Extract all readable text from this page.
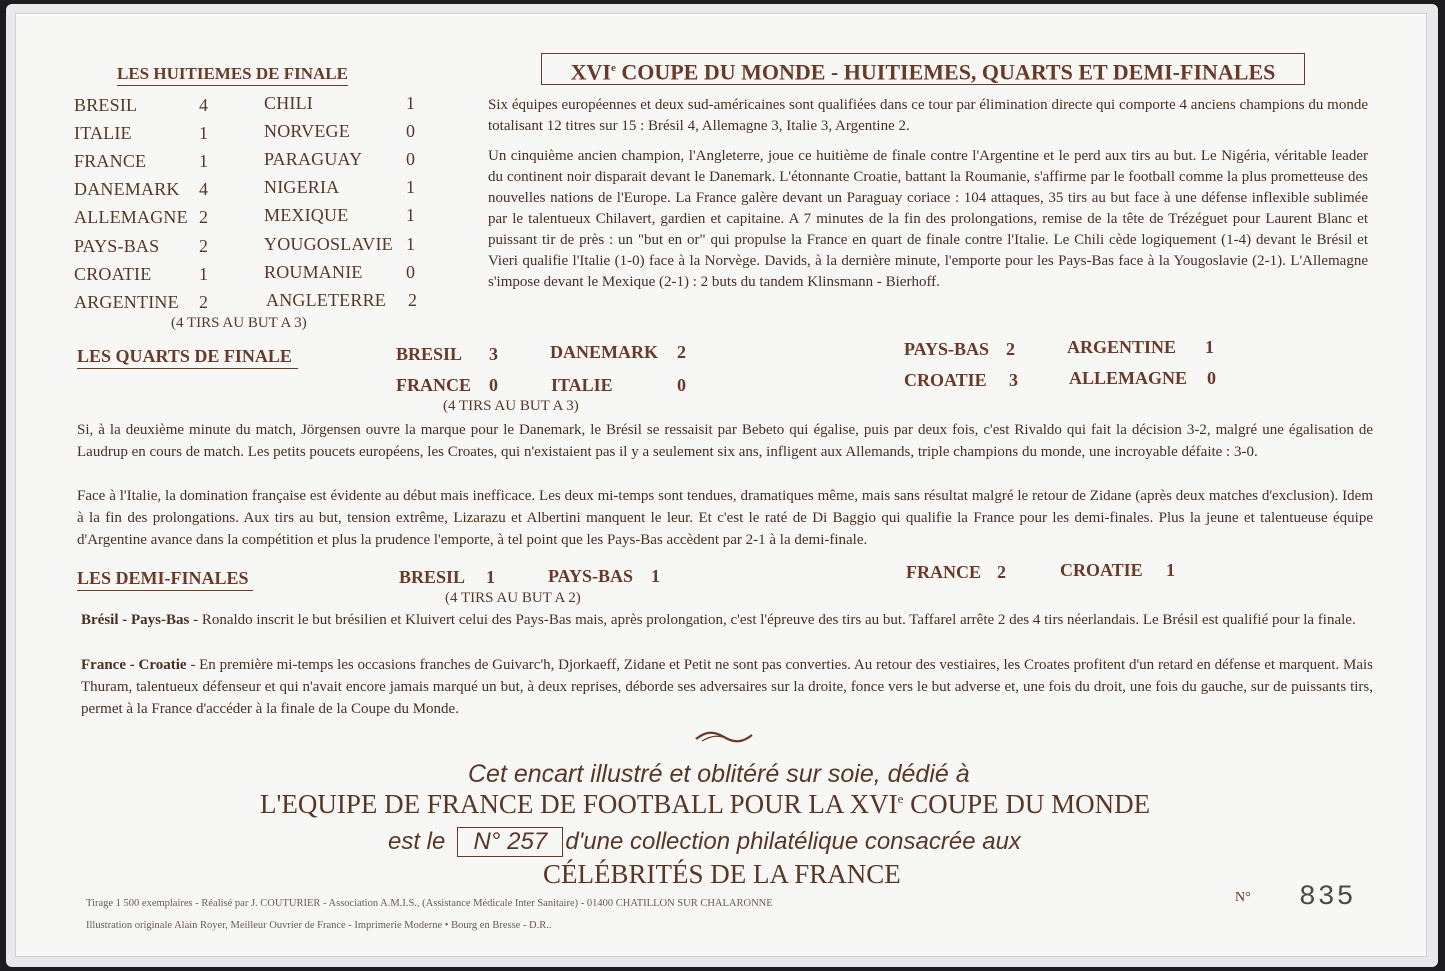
LES HUITIEMES DE FINALE
BRESIL	4	CHILI	1
ITALIE	1	NORVEGE	0
FRANCE	1	PARAGUAY 0
DANEMARK 4	NIGERIA	1
ALLEMAGNE 2	MEXIQUE	1
PAYS-BAS 2	YOUGOSLAVIE 1
CROATIE	1	ROUMANIE 0
ARGENTINE 2	ANGLETERRE 2
(4 TIRS AU BUT A 3)
XVIe COUPE DU MONDE - HUITIEMES, QUARTS ET DEMI-FINALES
Six équipes européennes et deux sud-américaines sont qualifiées dans ce tour par élimination directe qui comporte 4 anciens champions du monde totalisant 12 titres sur 15 : Brésil 4, Allemagne 3, Italie 3, Argentine 2.
Un cinquième ancien champion, l'Angleterre, joue ce huitième de finale contre l'Argentine et le perd aux tirs au but. Le Nigéria, véritable leader du continent noir disparait devant le Danemark. L'étonnante Croatie, battant la Roumanie, s'affirme par le football comme la plus prometteuse des nouvelles nations de l'Europe. La France galère devant un Paraguay coriace : 104 attaques, 35 tirs au but face à une défense inflexible sublimée par le talentueux Chilavert, gardien et capitaine. A 7 minutes de la fin des prolongations, remise de la tête de Trézéguet pour Laurent Blanc et puissant tir de près : un "but en or" qui propulse la France en quart de finale contre l'Italie. Le Chili cède logiquement (1-4) devant le Brésil et Vieri qualifie l'Italie (1-0) face à la Norvège. Davids, à la dernière minute, l'emporte pour les Pays-Bas face à la Yougoslavie (2-1). L'Allemagne s'impose devant le Mexique (2-1) : 2 buts du tandem Klinsmann - Bierhoff.
LES QUARTS DE FINALE	BRESIL 3	DANEMARK 2
FRANCE 0	ITALIE	0
(4 TIRS AU BUT A 3)
PAYS-BAS 2	ARGENTINE 1
CROATIE 3	ALLEMAGNE 0
Si, à la deuxième minute du match, Jörgensen ouvre la marque pour le Danemark, le Brésil se ressaisit par Bebeto qui égalise, puis par deux fois, c'est Rivaldo qui fait la décision 3-2, malgré une égalisation de Laudrup en cours de match. Les petits poucets européens, les Croates, qui n'existaient pas il y a seulement six ans, infligent aux Allemands, triple champions du monde, une incroyable défaite : 3-0.
Face à l'Italie, la domination française est évidente au début mais inefficace. Les deux mi-temps sont tendues, dramatiques même, mais sans résultat malgré le retour de Zidane (après deux matches d'exclusion). Idem à la fin des prolongations. Aux tirs au but, tension extrême, Lizarazu et Albertini manquent le leur. Et c'est le raté de Di Baggio qui qualifie la France pour les demi-finales. Plus la jeune et talentueuse équipe d'Argentine avance dans la compétition et plus la prudence l'emporte, à tel point que les Pays-Bas accèdent par 2-1 à la demi-finale.
LES DEMI-FINALES	BRESIL 1	PAYS-BAS 1
(4 TIRS AU BUT A 2)
FRANCE 2	CROATIE 1
Brésil - Pays-Bas - Ronaldo inscrit le but brésilien et Kluivert celui des Pays-Bas mais, après prolongation, c'est l'épreuve des tirs au but. Taffarel arrête 2 des 4 tirs néerlandais. Le Brésil est qualifié pour la finale.
France - Croatie - En première mi-temps les occasions franches de Guivarc'h, Djorkaeff, Zidane et Petit ne sont pas converties. Au retour des vestiaires, les Croates profitent d'un retard en défense et marquent. Mais Thuram, talentueux défenseur et qui n'avait encore jamais marqué un but, à deux reprises, déborde ses adversaires sur la droite, fonce vers le but adverse et, une fois du droit, une fois du gauche, sur de puissants tirs, permet à la France d'accéder à la finale de la Coupe du Monde.
Cet encart illustré et oblitéré sur soie, dédié à
L'EQUIPE DE FRANCE DE FOOTBALL POUR LA XVIe COUPE DU MONDE
est le N° 257 d'une collection philatélique consacrée aux
CÉLÉBRITÉS DE LA FRANCE
Tirage 1 500 exemplaires - Réalisé par J. COUTURIER - Association A.M.I.S., (Assistance Médicale Inter Sanitaire) - 01400 CHATILLON SUR CHALARONNE
Illustration originale Alain Royer, Meilleur Ouvrier de France - Imprimerie Moderne • Bourg en Bresse - D.R..
N° 835
